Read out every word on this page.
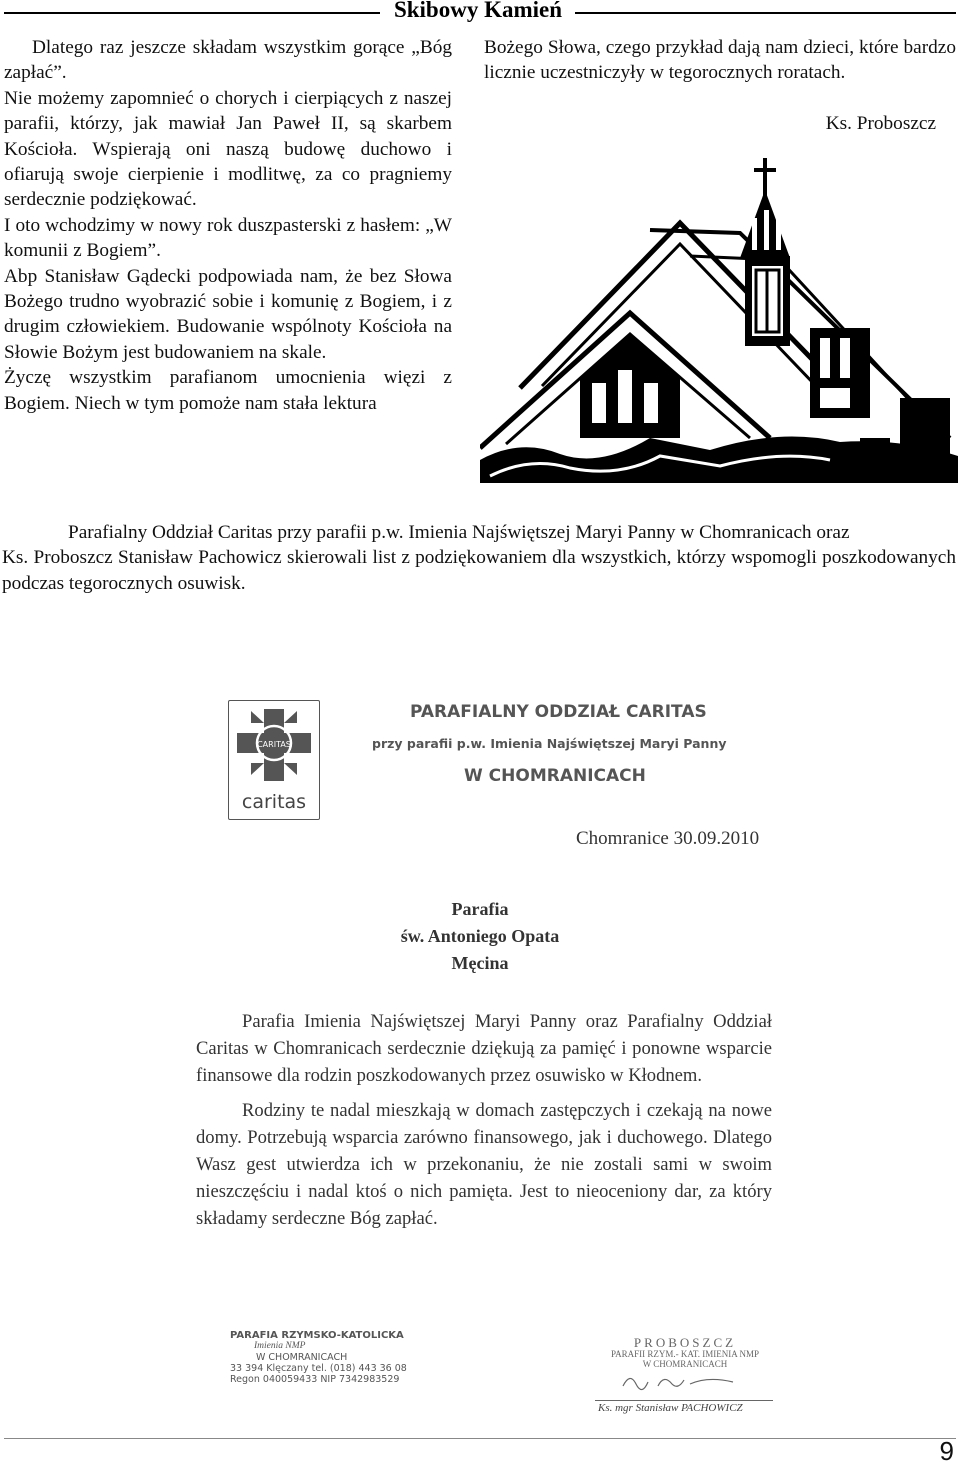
Skibowy Kamień

Dlatego raz jeszcze składam wszystkim gorące „Bóg zapłać”.

Nie możemy zapomnieć o chorych i cierpiących z naszej parafii, którzy, jak mawiał Jan Paweł II, są skarbem Kościoła. Wspierają oni naszą budowę duchowo i ofiarują swoje cierpienie i modlitwę, za co pragniemy serdecznie podziękować.

I oto wchodzimy w nowy rok duszpasterski z hasłem: „W komunii z Bogiem”.

Abp Stanisław Gądecki podpowiada nam, że bez Słowa Bożego trudno wyobrazić sobie i komunię z Bogiem, i z drugim człowiekiem. Budowanie wspólnoty Kościoła na Słowie Bożym jest budowaniem na skale.

Życzę wszystkim parafianom umocnienia więzi z Bogiem. Niech w tym pomoże nam stała lektura

Bożego Słowa, czego przykład dają nam dzieci, które bardzo licznie uczestniczyły w tegorocznych roratach.

Ks. Proboszcz
Parafialny Oddział Caritas przy parafii p.w. Imienia Najświętszej Maryi Panny w Chomranicach oraz
Ks. Proboszcz Stanisław Pachowicz skierowali list z podziękowaniem dla wszystkich, którzy wspomogli poszkodowanych podczas tegorocznych osuwisk.
CARITAS
caritas
PARAFIALNY ODDZIAŁ CARITAS
przy parafii p.w. Imienia Najświętszej Maryi Panny
W CHOMRANICACH
Chomranice 30.09.2010
Parafia
św. Antoniego Opata
Męcina

Parafia Imienia Najświętszej Maryi Panny oraz Parafialny Oddział Caritas w Chomranicach serdecznie dziękują za pamięć i ponowne wsparcie finansowe dla rodzin poszkodowanych przez osuwisko w Kłodnem.

Rodziny te nadal mieszkają w domach zastępczych i czekają na nowe domy. Potrzebują wsparcia zarówno finansowego, jak i duchowego. Dlatego Wasz gest utwierdza ich w przekonaniu, że nie zostali sami w swoim nieszczęściu i nadal ktoś o nich pamięta. Jest to nieoceniony dar, za który składamy serdeczne Bóg zapłać.

PARAFIA RZYMSKO-KATOLICKA
Imienia NMP
W CHOMRANICACH
33 394 Klęczany tel. (018) 443 36 08
Regon 040059433 NIP 7342983529
PROBOSZCZ
PARAFII RZYM.- KAT. IMIENIA NMP
W CHOMRANICACH
Ks. mgr Stanisław PACHOWICZ
9
